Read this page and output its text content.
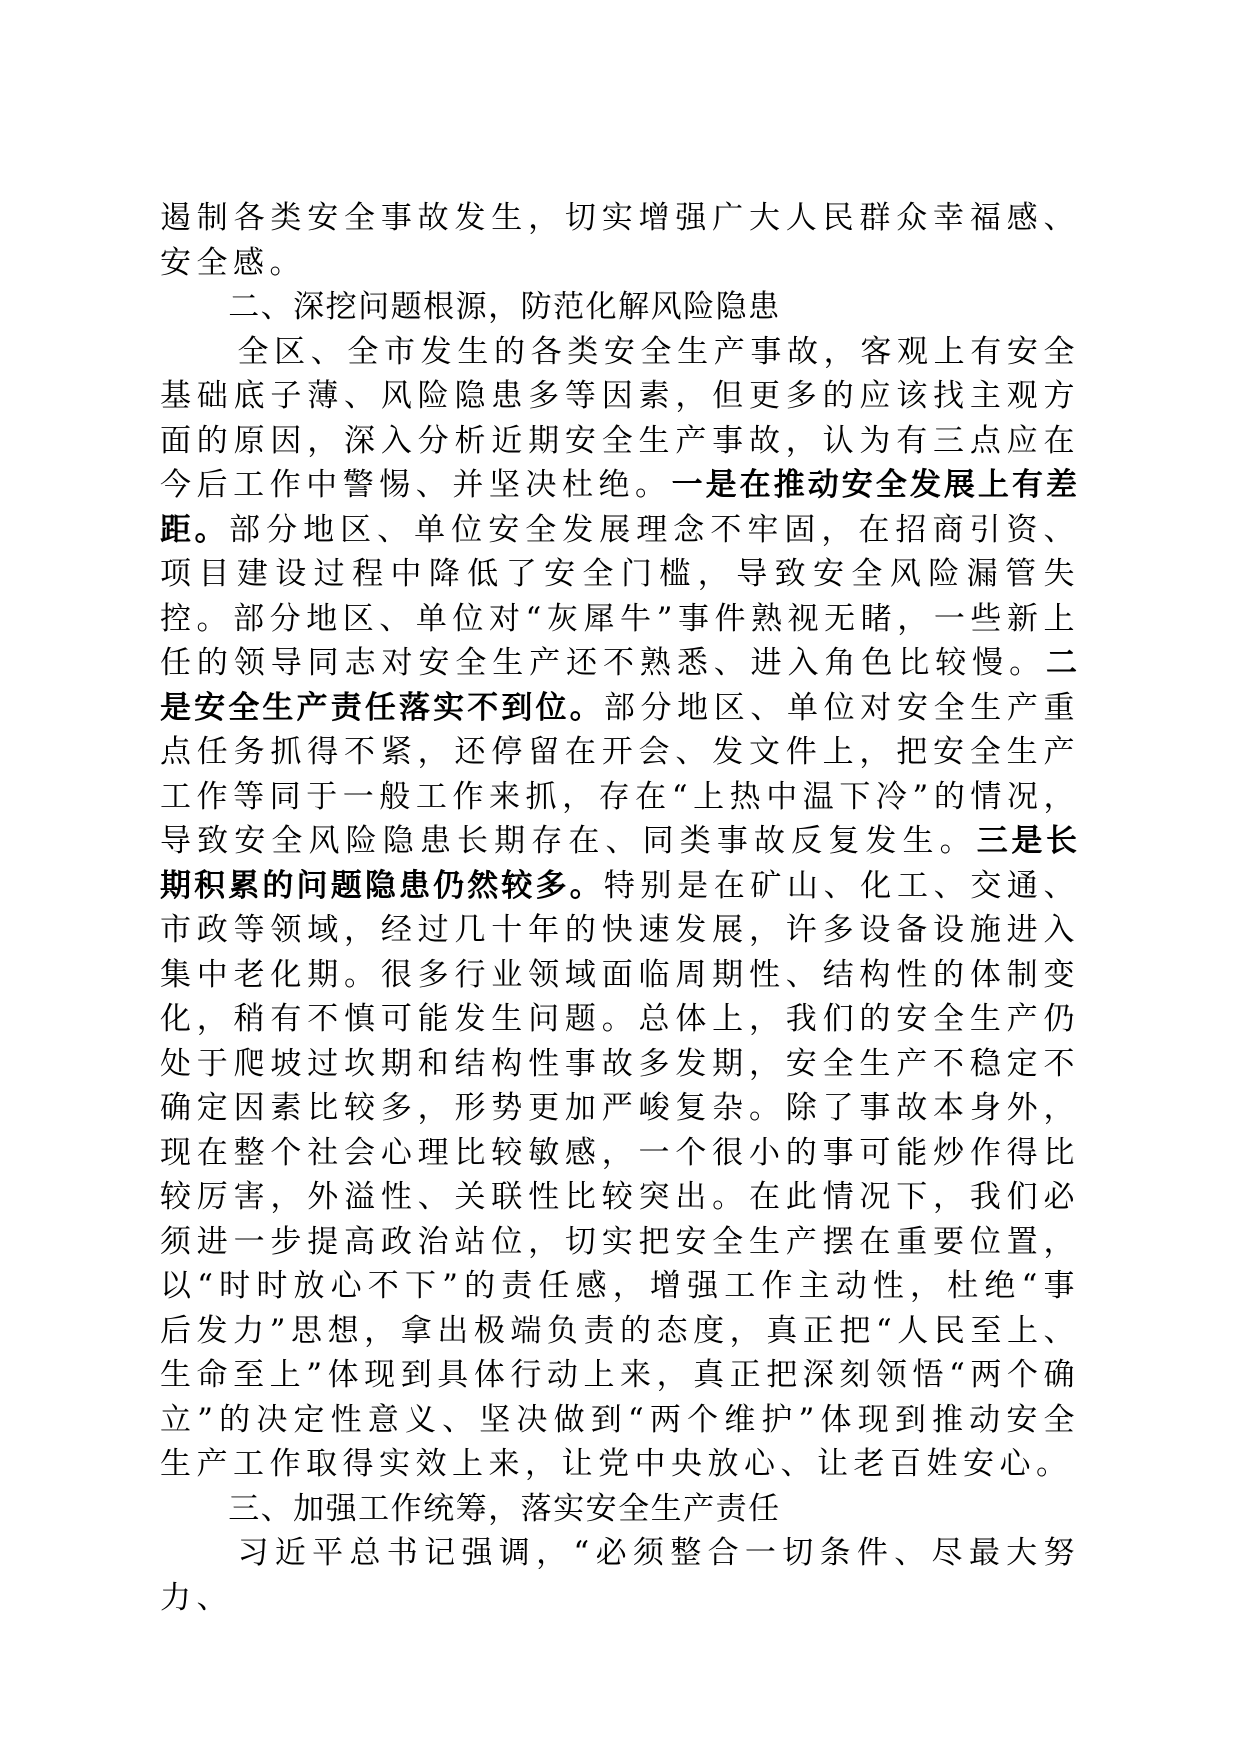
遏制各类安全事故发生，切实增强广大人民群众幸福感、安全感。

二、深挖问题根源，防范化解风险隐患

全区、全市发生的各类安全生产事故，客观上有安全基础底子薄、风险隐患多等因素，但更多的应该找主观方面的原因，深入分析近期安全生产事故，认为有三点应在今后工作中警惕、并坚决杜绝。一是在推动安全发展上有差距。部分地区、单位安全发展理念不牢固，在招商引资、项目建设过程中降低了安全门槛，导致安全风险漏管失控。部分地区、单位对“灰犀牛”事件熟视无睹，一些新上任的领导同志对安全生产还不熟悉、进入角色比较慢。二是安全生产责任落实不到位。部分地区、单位对安全生产重点任务抓得不紧，还停留在开会、发文件上，把安全生产工作等同于一般工作来抓，存在“上热中温下冷”的情况，导致安全风险隐患长期存在、同类事故反复发生。三是长期积累的问题隐患仍然较多。特别是在矿山、化工、交通、市政等领域，经过几十年的快速发展，许多设备设施进入集中老化期。很多行业领域面临周期性、结构性的体制变化，稍有不慎可能发生问题。总体上，我们的安全生产仍处于爬坡过坎期和结构性事故多发期，安全生产不稳定不确定因素比较多，形势更加严峻复杂。除了事故本身外，现在整个社会心理比较敏感，一个很小的事可能炒作得比较厉害，外溢性、关联性比较突出。在此情况下，我们必须进一步提高政治站位，切实把安全生产摆在重要位置，以“时时放心不下”的责任感，增强工作主动性，杜绝“事后发力”思想，拿出极端负责的态度，真正把“人民至上、生命至上”体现到具体行动上来，真正把深刻领悟“两个确立”的决定性意义、坚决做到“两个维护”体现到推动安全生产工作取得实效上来，让党中央放心、让老百姓安心。

三、加强工作统筹，落实安全生产责任

习近平总书记强调，“必须整合一切条件、尽最大努力、
